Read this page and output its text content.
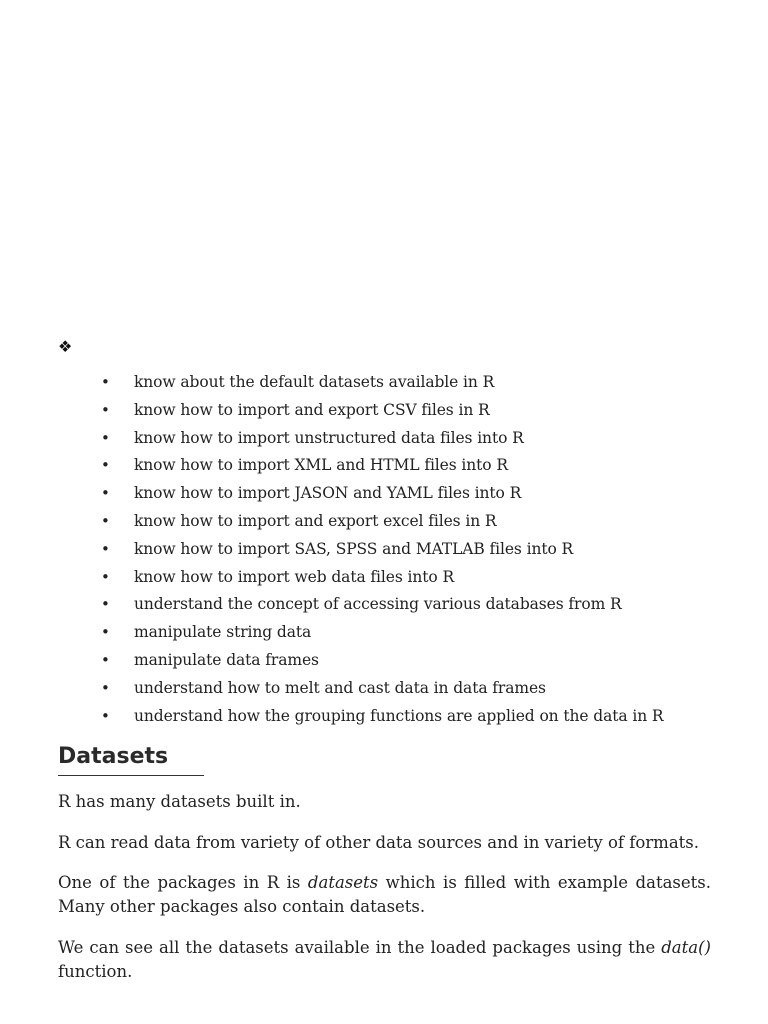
❖
• know about the default datasets available in R
• know how to import and export CSV files in R
• know how to import unstructured data files into R
• know how to import XML and HTML files into R
• know how to import JASON and YAML files into R
• know how to import and export excel files in R
• know how to import SAS, SPSS and MATLAB files into R
• know how to import web data files into R
• understand the concept of accessing various databases from R
• manipulate string data
• manipulate data frames
• understand how to melt and cast data in data frames
• understand how the grouping functions are applied on the data in R
Datasets

R has many datasets built in.

R can read data from variety of other data sources and in variety of formats.

One of the packages in R is datasets which is filled with example datasets. Many other packages also contain datasets.

We can see all the datasets available in the loaded packages using the data() function.
